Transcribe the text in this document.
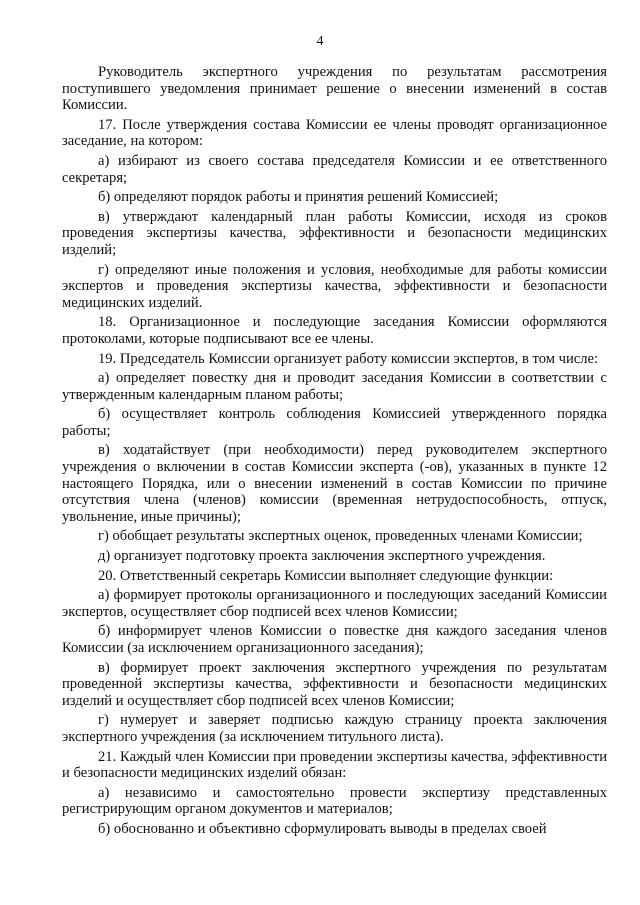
4

Руководитель экспертного учреждения по результатам рассмотрения поступившего уведомления принимает решение о внесении изменений в состав Комиссии.

17. После утверждения состава Комиссии ее члены проводят организационное заседание, на котором:

а) избирают из своего состава председателя Комиссии и ее ответственного секретаря;

б) определяют порядок работы и принятия решений Комиссией;

в) утверждают календарный план работы Комиссии, исходя из сроков проведения экспертизы качества, эффективности и безопасности медицинских изделий;

г) определяют иные положения и условия, необходимые для работы комиссии экспертов и проведения экспертизы качества, эффективности и безопасности медицинских изделий.

18. Организационное и последующие заседания Комиссии оформляются протоколами, которые подписывают все ее члены.

19. Председатель Комиссии организует работу комиссии экспертов, в том числе:

а) определяет повестку дня и проводит заседания Комиссии в соответствии с утвержденным календарным планом работы;

б) осуществляет контроль соблюдения Комиссией утвержденного порядка работы;

в) ходатайствует (при необходимости) перед руководителем экспертного учреждения о включении в состав Комиссии эксперта (-ов), указанных в пункте 12 настоящего Порядка, или о внесении изменений в состав Комиссии по причине отсутствия члена (членов) комиссии (временная нетрудоспособность, отпуск, увольнение, иные причины);

г) обобщает результаты экспертных оценок, проведенных членами Комиссии;

д) организует подготовку проекта заключения экспертного учреждения.

20. Ответственный секретарь Комиссии выполняет следующие функции:

а) формирует протоколы организационного и последующих заседаний Комиссии экспертов, осуществляет сбор подписей всех членов Комиссии;

б) информирует членов Комиссии о повестке дня каждого заседания членов Комиссии (за исключением организационного заседания);

в) формирует проект заключения экспертного учреждения по результатам проведенной экспертизы качества, эффективности и безопасности медицинских изделий и осуществляет сбор подписей всех членов Комиссии;

г) нумерует и заверяет подписью каждую страницу проекта заключения экспертного учреждения (за исключением титульного листа).

21. Каждый член Комиссии при проведении экспертизы качества, эффективности и безопасности медицинских изделий обязан:

а) независимо и самостоятельно провести экспертизу представленных регистрирующим органом документов и материалов;

б) обоснованно и объективно сформулировать выводы в пределах своей
